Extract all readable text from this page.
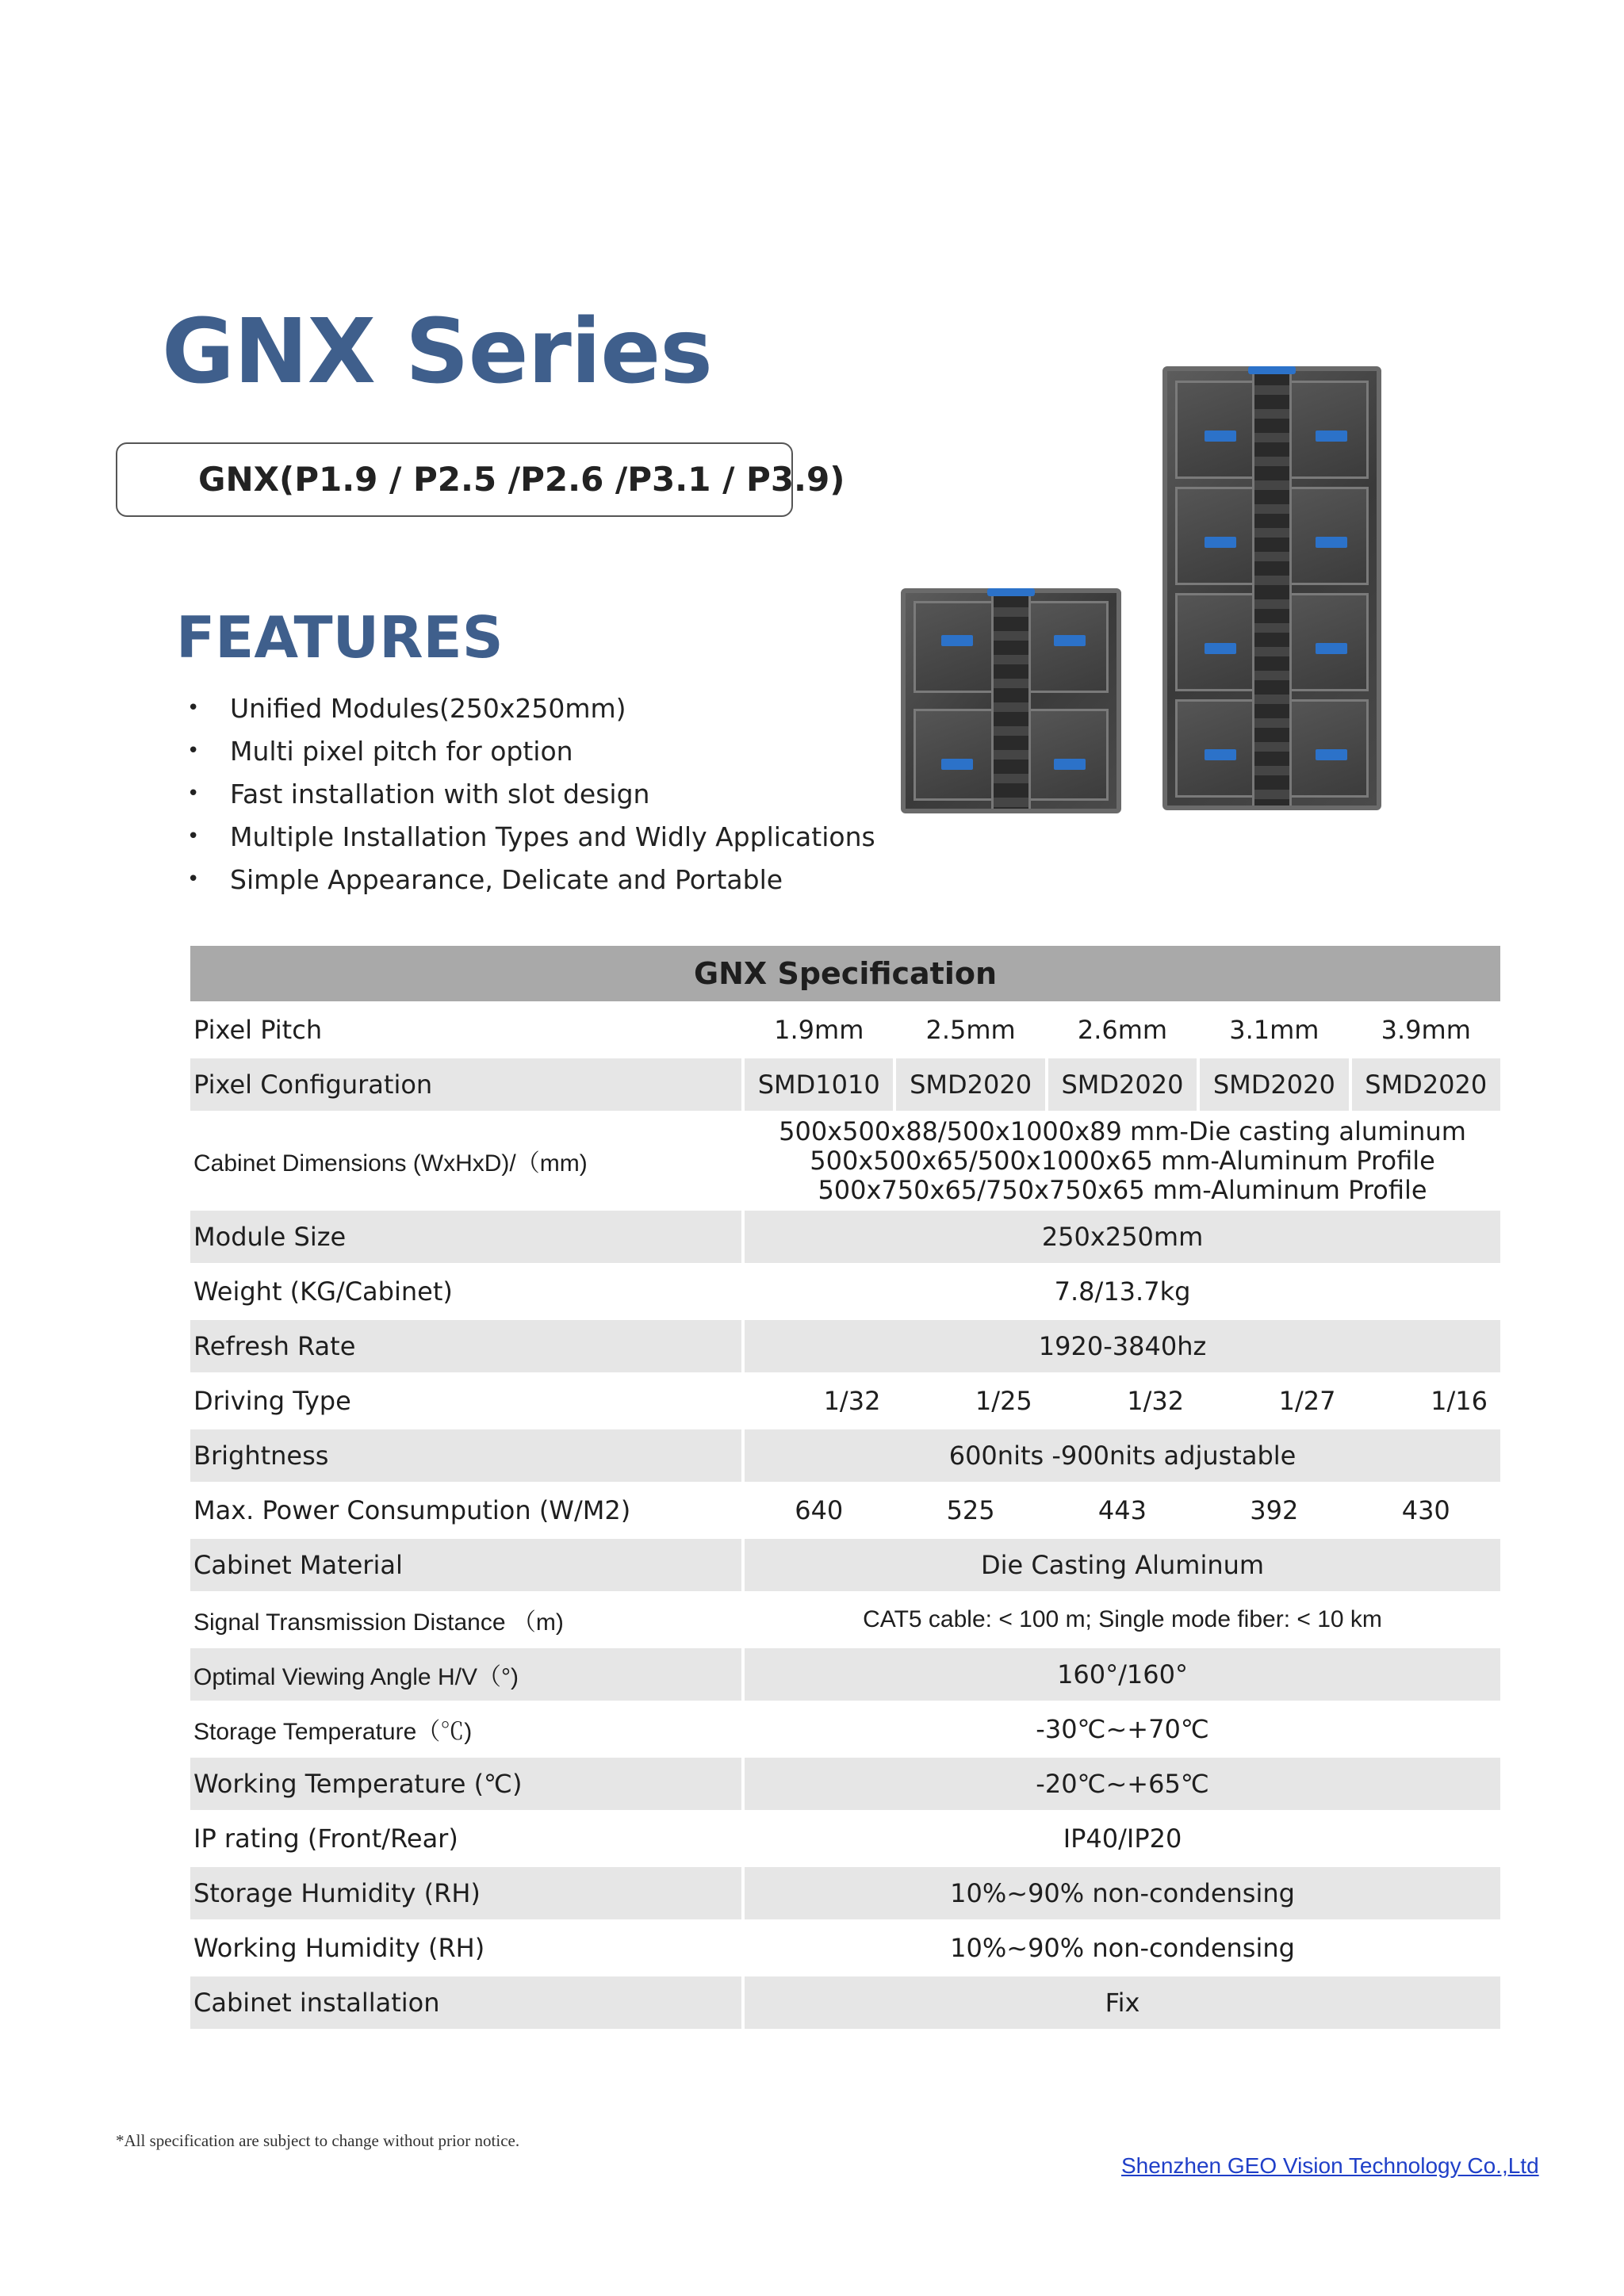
GNX Series
GNX(P1.9 / P2.5 /P2.6 /P3.1 / P3.9)
FEATURES
•	Unified Modules(250x250mm)
•	Multi pixel pitch for option
•	Fast installation with slot design
•	Multiple Installation Types and Widly Applications
•	Simple Appearance, Delicate and Portable
GNX Specification					
Pixel Pitch	1.9mm	2.5mm	2.6mm	3.1mm	3.9mm
Pixel Configuration	SMD1010	SMD2020	SMD2020	SMD2020	SMD2020
Cabinet Dimensions (WxHxD)/（mm)	500x500x88/500x1000x89 mm-Die casting aluminum
500x500x65/500x1000x65 mm-Aluminum Profile
500x750x65/750x750x65 mm-Aluminum Profile				

Module Size	250x250mm				
Weight (KG/Cabinet)	7.8/13.7kg				
Refresh Rate	1920-3840hz				
Driving Type	1/32	1/25	1/32	1/27	1/16
Brightness	600nits -900nits adjustable				
Max. Power Consumpution (W/M2)	640	525	443	392	430
Cabinet Material	Die Casting Aluminum				
Signal Transmission Distance （m)	CAT5 cable: < 100 m; Single mode fiber: < 10 km				
Optimal Viewing Angle H/V（°)	160°/160°				
Storage Temperature（℃)	-30℃~+70℃				
Working Temperature (℃)	-20℃~+65℃				
IP rating (Front/Rear)	IP40/IP20				
Storage Humidity (RH)	10%~90% non-condensing				
Working Humidity (RH)	10%~90% non-condensing				
Cabinet installation	Fix				
*All specification are subject to change without prior notice.
Shenzhen GEO Vision Technology Co.,Ltd
